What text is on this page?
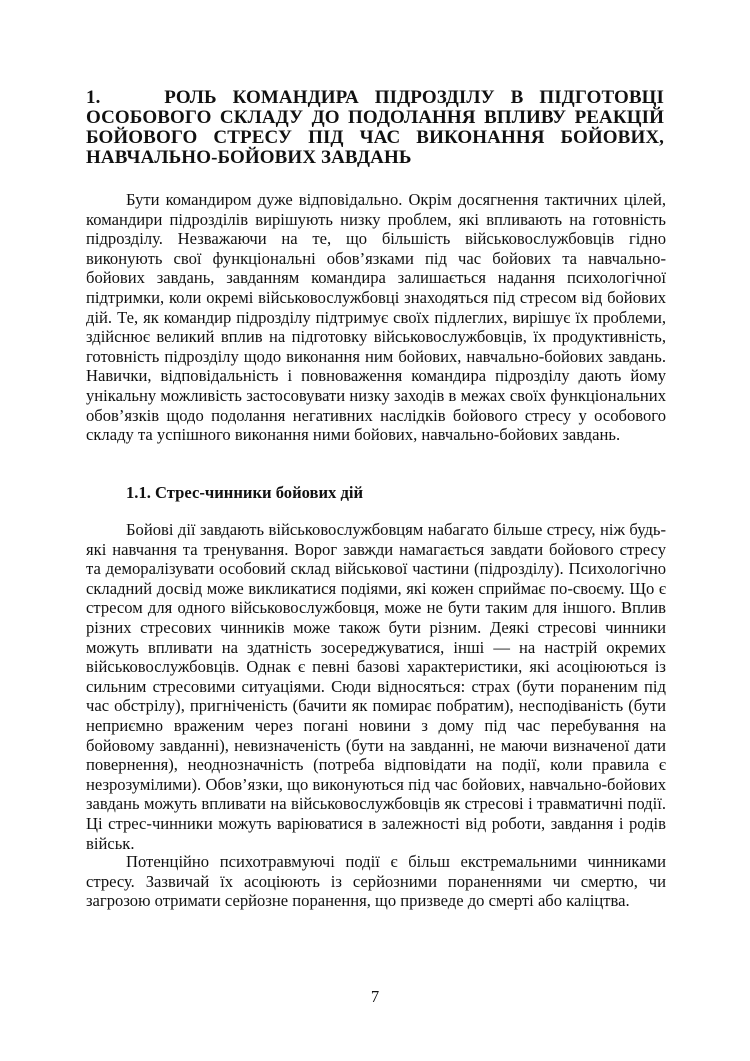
1.	РОЛЬ КОМАНДИРА ПІДРОЗДІЛУ В ПІДГОТОВЦІ ОСОБОВОГО СКЛАДУ ДО ПОДОЛАННЯ ВПЛИВУ РЕАКЦІЙ БОЙОВОГО СТРЕСУ ПІД ЧАС ВИКОНАННЯ БОЙОВИХ, НАВЧАЛЬНО-БОЙОВИХ ЗАВДАНЬ

Бути командиром дуже відповідально. Окрім досягнення тактичних цілей, командири підрозділів вирішують низку проблем, які впливають на готовність підрозділу. Незважаючи на те, що більшість військовослужбовців гідно виконують свої функціональні обов’язками під час бойових та навчально-бойових завдань, завданням командира залишається надання психологічної підтримки, коли окремі військовослужбовці знаходяться під стресом від бойових дій. Те, як командир підрозділу підтримує своїх підлеглих, вирішує їх проблеми, здійснює великий вплив на підготовку військовослужбовців, їх продуктивність, готовність підрозділу щодо виконання ним бойових, навчально-бойових завдань. Навички, відповідальність і повноваження командира підрозділу дають йому унікальну можливість застосовувати низку заходів в межах своїх функціональних обов’язків щодо подолання негативних наслідків бойового стресу у особового складу та успішного виконання ними бойових, навчально-бойових завдань.

1.1. Стрес-чинники бойових дій

Бойові дії завдають військовослужбовцям набагато більше стресу, ніж будь-які навчання та тренування. Ворог завжди намагається завдати бойового стресу та деморалізувати особовий склад військової частини (підрозділу). Психологічно складний досвід може викликатися подіями, які кожен сприймає по-своєму. Що є стресом для одного військовослужбовця, може не бути таким для іншого. Вплив різних стресових чинників може також бути різним. Деякі стресові чинники можуть впливати на здатність зосереджуватися, інші — на настрій окремих військовослужбовців. Однак є певні базові характеристики, які асоціюються із сильним стресовими ситуаціями. Сюди відносяться: страх (бути пораненим під час обстрілу), пригніченість (бачити як помирає побратим), несподіваність (бути неприємно враженим через погані новини з дому під час перебування на бойовому завданні), невизначеність (бути на завданні, не маючи визначеної дати повернення), неоднозначність (потреба відповідати на події, коли правила є незрозумілими). Обов’язки, що виконуються під час бойових, навчально-бойових завдань можуть впливати на військовослужбовців як стресові і травматичні події. Ці стрес-чинники можуть варіюватися в залежності від роботи, завдання і родів військ.

Потенційно психотравмуючі події є більш екстремальними чинниками стресу. Зазвичай їх асоціюють із серйозними пораненнями чи смертю, чи загрозою отримати серйозне поранення, що призведе до смерті або каліцтва.

7
